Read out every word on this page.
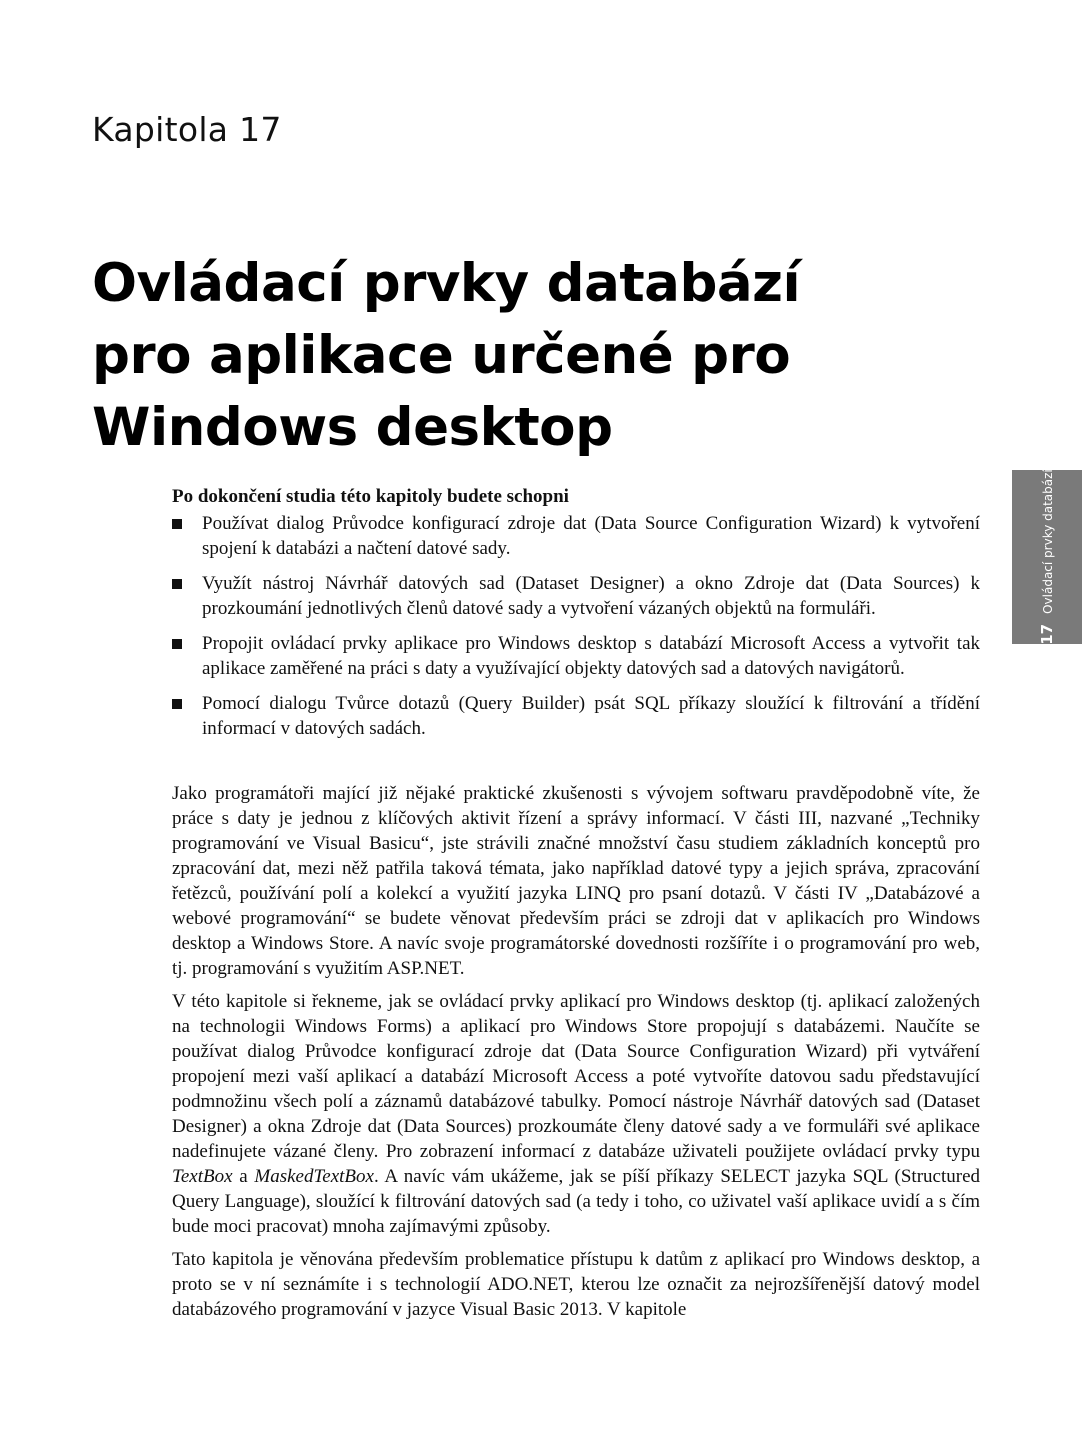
Kapitola 17
Ovládací prvky databází
pro aplikace určené pro
Windows desktop
17Ovládací prvky databází
Po dokončení studia této kapitoly budete schopni
Používat dialog Průvodce konfigurací zdroje dat (Data Source Configuration Wizard) k vytvoření spojení k databázi a načtení datové sady.
Využít nástroj Návrhář datových sad (Dataset Designer) a okno Zdroje dat (Data Sources) k prozkoumání jednotlivých členů datové sady a vytvoření vázaných objektů na formuláři.
Propojit ovládací prvky aplikace pro Windows desktop s databází Microsoft Access a vytvořit tak aplikace zaměřené na práci s daty a využívající objekty datových sad a datových navigátorů.
Pomocí dialogu Tvůrce dotazů (Query Builder) psát SQL příkazy sloužící k filtrování a třídění informací v datových sadách.

Jako programátoři mající již nějaké praktické zkušenosti s vývojem softwaru pravděpodobně víte, že práce s daty je jednou z klíčových aktivit řízení a správy informací. V části III, nazvané „Techniky programování ve Visual Basicu“, jste strávili značné množství času studiem základních konceptů pro zpracování dat, mezi něž patřila taková témata, jako například datové typy a jejich správa, zpracování řetězců, používání polí a kolekcí a využití jazyka LINQ pro psaní dotazů. V části IV „Databázové a webové programování“ se budete věnovat především práci se zdroji dat v aplikacích pro Windows desktop a Windows Store. A navíc svoje programátorské dovednosti rozšíříte i o programování pro web, tj. programování s využitím ASP.NET.

V této kapitole si řekneme, jak se ovládací prvky aplikací pro Windows desktop (tj. aplikací založených na technologii Windows Forms) a aplikací pro Windows Store propojují s databázemi. Naučíte se používat dialog Průvodce konfigurací zdroje dat (Data Source Configuration Wizard) při vytváření propojení mezi vaší aplikací a databází Microsoft Access a poté vytvoříte datovou sadu představující podmnožinu všech polí a záznamů databázové tabulky. Pomocí nástroje Návrhář datových sad (Dataset Designer) a okna Zdroje dat (Data Sources) prozkoumáte členy datové sady a ve formuláři své aplikace nadefinujete vázané členy. Pro zobrazení informací z databáze uživateli použijete ovládací prvky typu TextBox a MaskedTextBox. A navíc vám ukážeme, jak se píší příkazy SELECT jazyka SQL (Structured Query Language), sloužící k filtrování datových sad (a tedy i toho, co uživatel vaší aplikace uvidí a s čím bude moci pracovat) mnoha zajímavými způsoby.

Tato kapitola je věnována především problematice přístupu k datům z aplikací pro Windows desktop, a proto se v ní seznámíte i s technologií ADO.NET, kterou lze označit za nejrozšířenější datový model databázového programování v jazyce Visual Basic 2013. V kapitole
